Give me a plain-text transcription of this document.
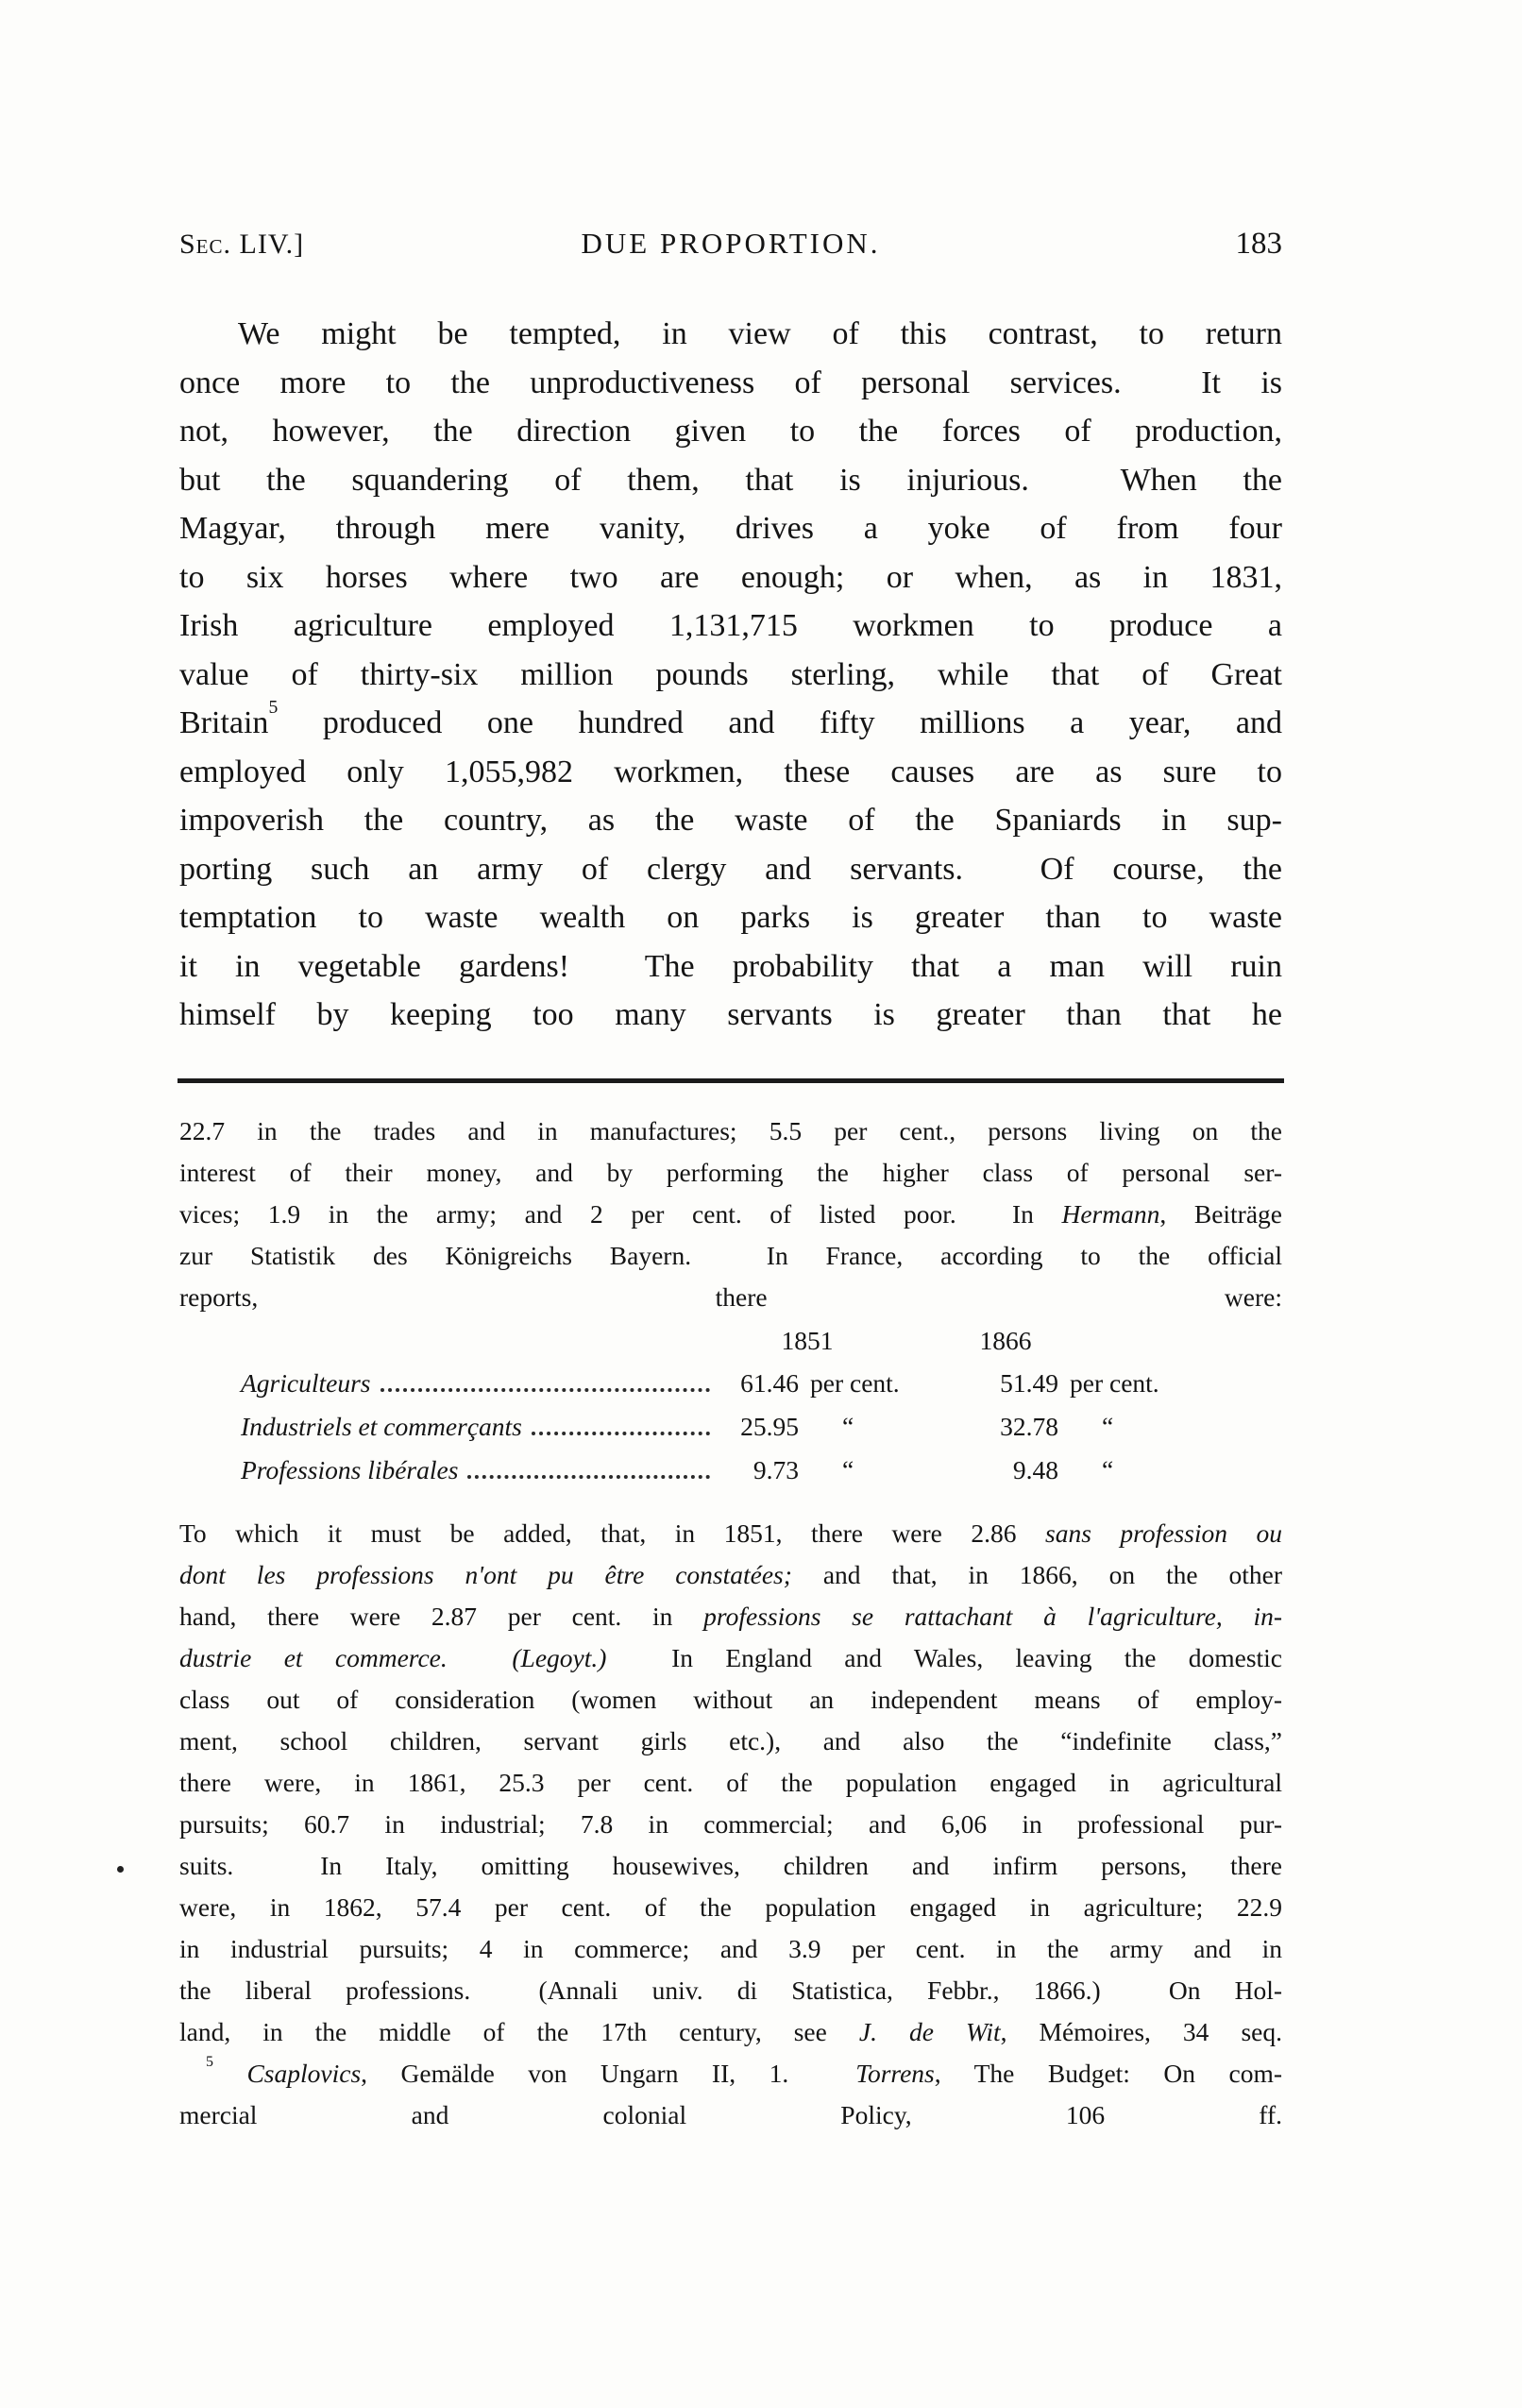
Sec. LIV.]	DUE PROPORTION.	183
We might be tempted, in view of this contrast, to return
once more to the unproductiveness of personal services.  It is
not, however, the direction given to the forces of production,
but the squandering of them, that is injurious.  When the
Magyar, through mere vanity, drives a yoke of from four
to six horses where two are enough; or when, as in 1831,
Irish agriculture employed 1,131,715 workmen to produce a
value of thirty-six million pounds sterling, while that of Great
Britain$^5$ produced one hundred and fifty millions a year, and
employed only 1,055,982 workmen, these causes are as sure to
impoverish the country, as the waste of the Spaniards in sup-
porting such an army of clergy and servants.  Of course, the
temptation to waste wealth on parks is greater than to waste
it in vegetable gardens!  The probability that a man will ruin
himself by keeping too many servants is greater than that he
22.7 in the trades and in manufactures; 5.5 per cent., persons living on the
interest of their money, and by performing the higher class of personal ser-
vices; 1.9 in the army; and 2 per cent. of listed poor.  In Hermann, Beiträge
zur Statistik des Königreichs Bayern.  In France, according to the official
reports, there were:
1851	1866
Agriculteurs	61.46 per cent.	51.49 per cent.
Industriels et commerçants	25.95 “	32.78 “
Professions libérales	9.73 “	9.48 “
To which it must be added, that, in 1851, there were 2.86 sans profession ou
dont les professions n'ont pu être constatées; and that, in 1866, on the other
hand, there were 2.87 per cent. in professions se rattachant à l'agriculture, in-
dustrie et commerce.  (Legoyt.)  In England and Wales, leaving the domestic
class out of consideration (women without an independent means of employ-
ment, school children, servant girls etc.), and also the “indefinite class,”
there were, in 1861, 25.3 per cent. of the population engaged in agricultural
pursuits; 60.7 in industrial; 7.8 in commercial; and 6,06 in professional pur-
suits.  In Italy, omitting housewives, children and infirm persons, there
were, in 1862, 57.4 per cent. of the population engaged in agriculture; 22.9
in industrial pursuits; 4 in commerce; and 3.9 per cent. in the army and in
the liberal professions.  (Annali univ. di Statistica, Febbr., 1866.)  On Hol-
land, in the middle of the 17th century, see J. de Wit, Mémoires, 34 seq.
$^5$ Csaplovics, Gemälde von Ungarn II, 1.  Torrens, The Budget: On com-
mercial and colonial Policy, 106 ff.
